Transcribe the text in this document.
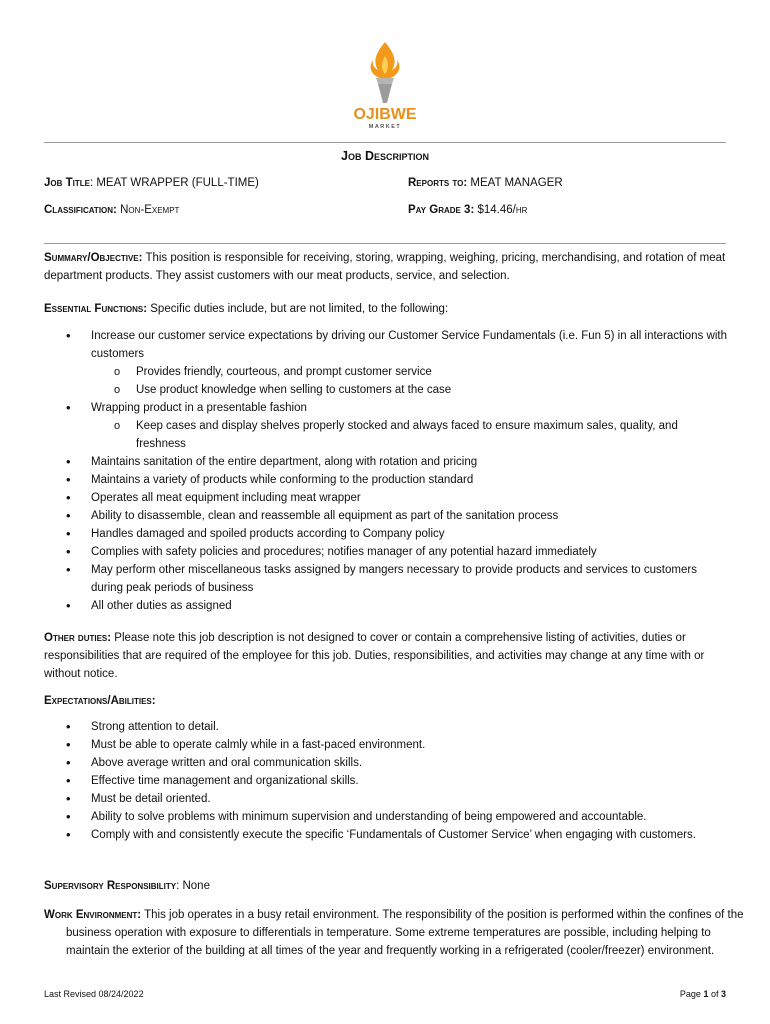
OJIBWE
MARKET
Job Description
Job Title: MEAT WRAPPER (FULL-TIME)	Reports to: MEAT MANAGER
Classification: Non-Exempt	Pay Grade 3: $14.46/hr
Summary/Objective: This position is responsible for receiving, storing, wrapping, weighing, pricing, merchandising, and rotation of meat department products. They assist customers with our meat products, service, and selection.
Essential Functions: Specific duties include, but are not limited, to the following:
• Increase our customer service expectations by driving our Customer Service Fundamentals (i.e. Fun 5) in all interactions with customers
o Provides friendly, courteous, and prompt customer service
o Use product knowledge when selling to customers at the case
• Wrapping product in a presentable fashion
o Keep cases and display shelves properly stocked and always faced to ensure maximum sales, quality, and freshness
• Maintains sanitation of the entire department, along with rotation and pricing
• Maintains a variety of products while conforming to the production standard
• Operates all meat equipment including meat wrapper
• Ability to disassemble, clean and reassemble all equipment as part of the sanitation process
• Handles damaged and spoiled products according to Company policy
• Complies with safety policies and procedures; notifies manager of any potential hazard immediately
• May perform other miscellaneous tasks assigned by mangers necessary to provide products and services to customers during peak periods of business
• All other duties as assigned
Other duties: Please note this job description is not designed to cover or contain a comprehensive listing of activities, duties or responsibilities that are required of the employee for this job. Duties, responsibilities, and activities may change at any time with or without notice.
Expectations/Abilities:
• Strong attention to detail.
• Must be able to operate calmly while in a fast-paced environment.
• Above average written and oral communication skills.
• Effective time management and organizational skills.
• Must be detail oriented.
• Ability to solve problems with minimum supervision and understanding of being empowered and accountable.
• Comply with and consistently execute the specific ‘Fundamentals of Customer Service’ when engaging with customers.
Supervisory Responsibility: None
Work Environment: This job operates in a busy retail environment. The responsibility of the position is performed within the confines of the business operation with exposure to differentials in temperature. Some extreme temperatures are possible, including helping to maintain the exterior of the building at all times of the year and frequently working in a refrigerated (cooler/freezer) environment.
Last Revised 08/24/2022	Page 1 of 3
